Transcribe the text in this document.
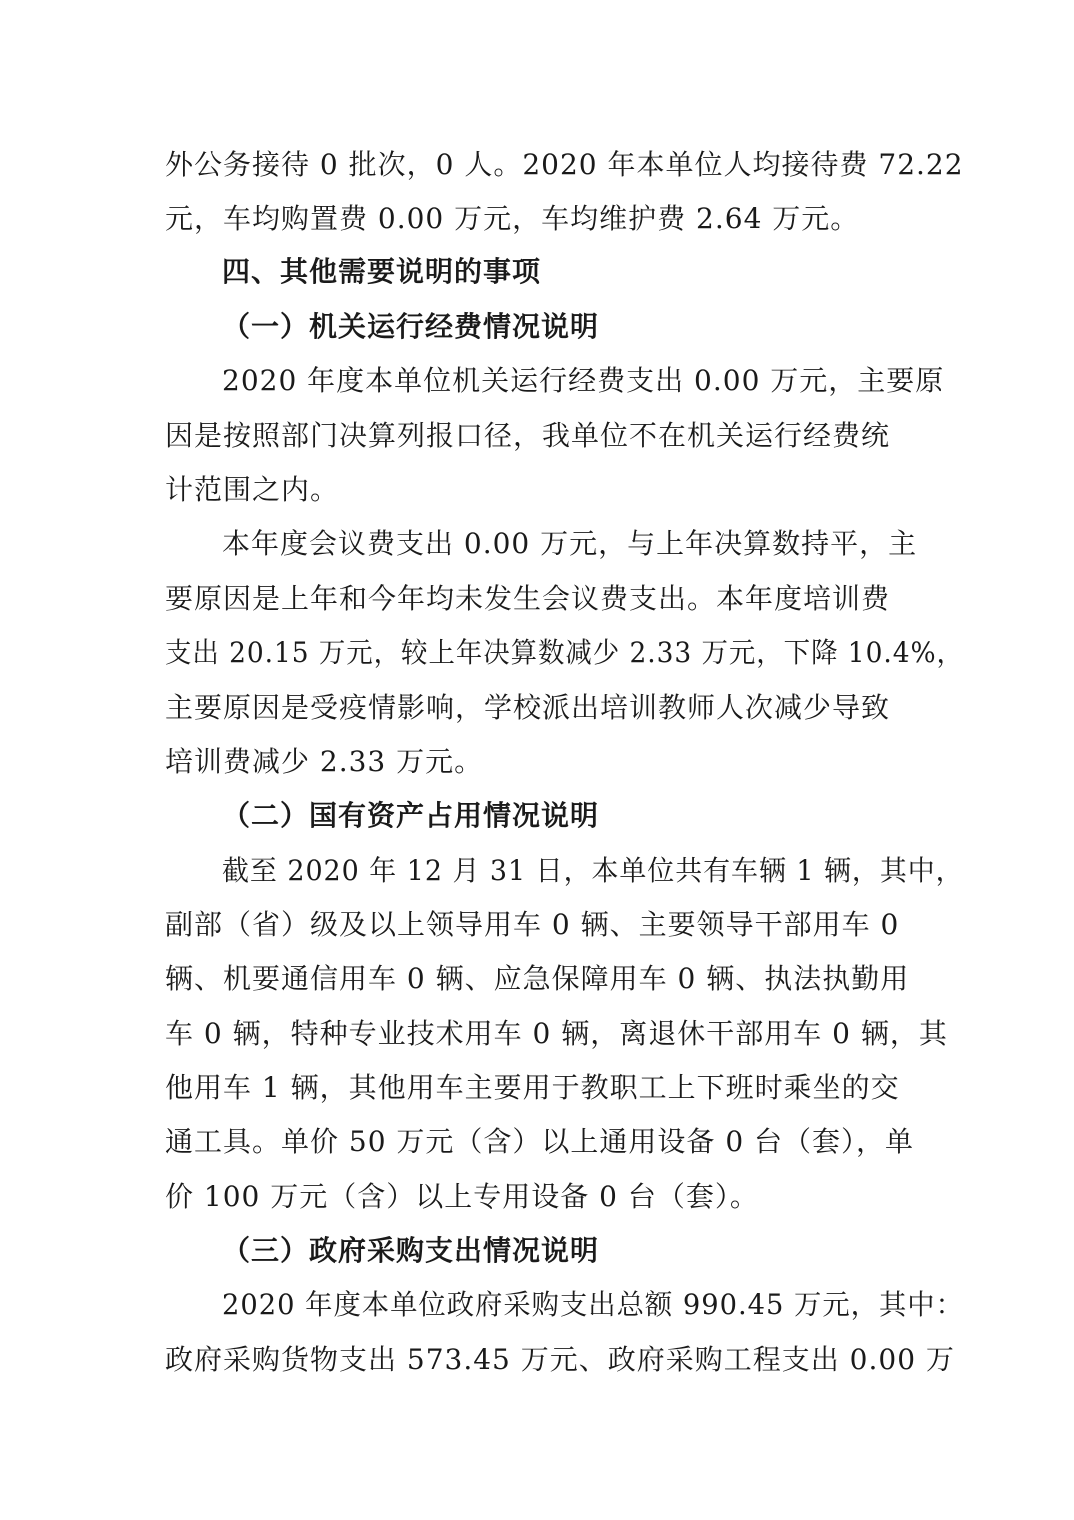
外公务接待 0 批次，0 人。2020 年本单位人均接待费 72.22
元，车均购置费 0.00 万元，车均维护费 2.64 万元。
四、其他需要说明的事项
（一）机关运行经费情况说明
2020 年度本单位机关运行经费支出 0.00 万元，主要原
因是按照部门决算列报口径，我单位不在机关运行经费统
计范围之内。
本年度会议费支出 0.00 万元，与上年决算数持平，主
要原因是上年和今年均未发生会议费支出。本年度培训费
支出 20.15 万元，较上年决算数减少 2.33 万元，下降 10.4%，
主要原因是受疫情影响，学校派出培训教师人次减少导致
培训费减少 2.33 万元。
（二）国有资产占用情况说明
截至 2020 年 12 月 31 日，本单位共有车辆 1 辆，其中，
副部（省）级及以上领导用车 0 辆、主要领导干部用车 0
辆、机要通信用车 0 辆、应急保障用车 0 辆、执法执勤用
车 0 辆，特种专业技术用车 0 辆，离退休干部用车 0 辆，其
他用车 1 辆，其他用车主要用于教职工上下班时乘坐的交
通工具。单价 50 万元（含）以上通用设备 0 台（套），单
价 100 万元（含）以上专用设备 0 台（套）。
（三）政府采购支出情况说明
2020 年度本单位政府采购支出总额 990.45 万元，其中：
政府采购货物支出 573.45 万元、政府采购工程支出 0.00 万
